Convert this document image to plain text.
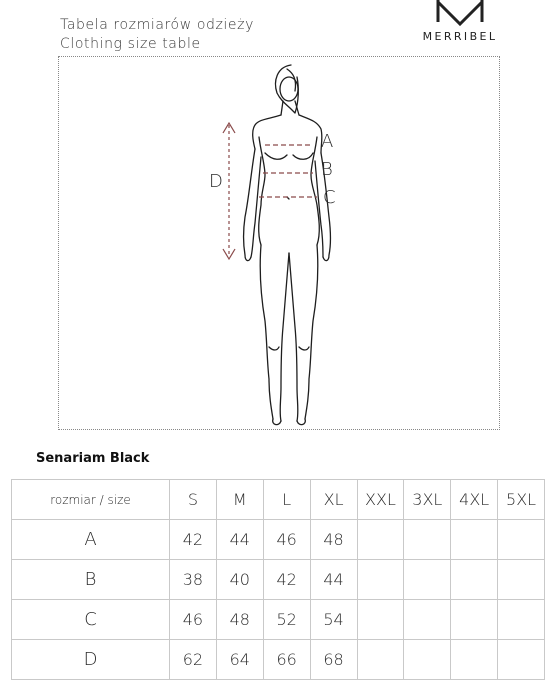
Tabela rozmiarów odzieży
Clothing size table	MERRIBEL
A
B
C
D
Senariam Black
rozmiar / size	S	M	L	XL	XXL	3XL	4XL	5XL
A	42	44	46	48				
B	38	40	42	44				
C	46	48	52	54				
D	62	64	66	68				
